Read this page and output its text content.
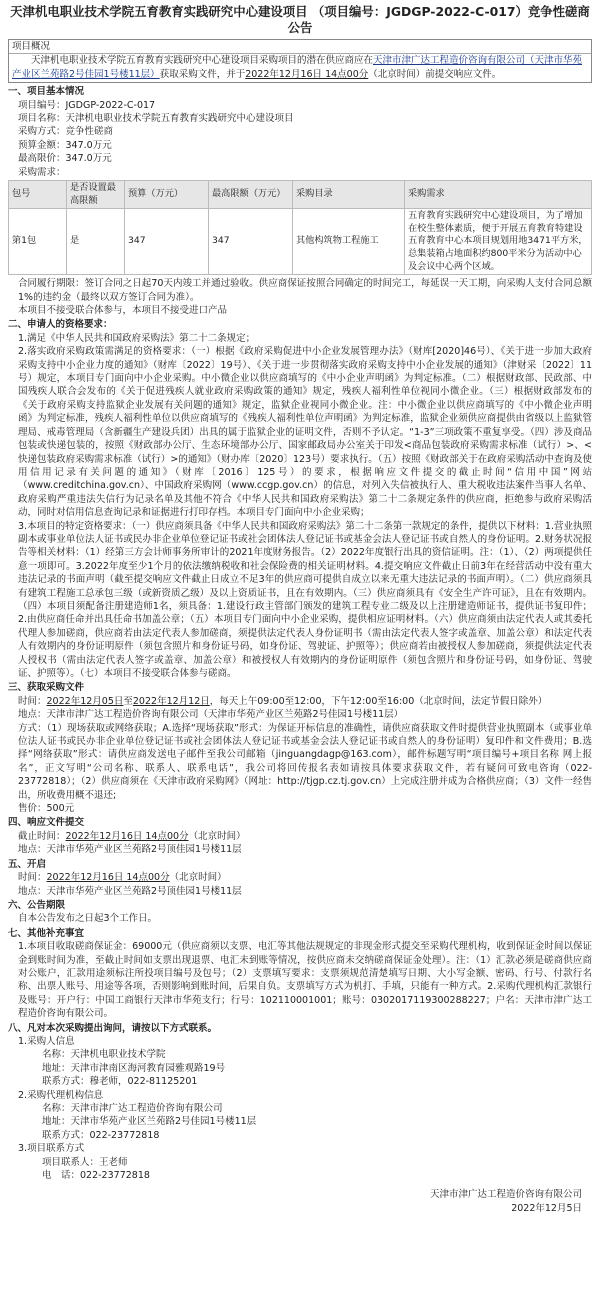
天津机电职业技术学院五育教育实践研究中心建设项目 （项目编号：JGDGP-2022-C-017）竞争性磋商公告
项目概况
天津机电职业技术学院五育教育实践研究中心建设项目采购项目的潜在供应商应在天津市津广达工程造价咨询有限公司（天津市华苑产业区兰苑路2号佳园1号楼11层）获取采购文件，并于2022年12月16日 14点00分（北京时间）前提交响应文件。
一、项目基本情况

项目编号：JGDGP-2022-C-017

项目名称：天津机电职业技术学院五育教育实践研究中心建设项目

采购方式：竞争性磋商

预算金额：347.0万元

最高限价：347.0万元

采购需求：

包号	是否设置最高限额	预算（万元）	最高限额（万元）	采购目录	采购需求
第1包	是	347	347	其他构筑物工程施工	五育教育实践研究中心建设项目，为了增加在校生整体素质，便于开展五育教育特建设五育教育中心本项目规划用地3471平方米，总集装箱占地面积约800平米分为活动中心及会议中心两个区域。

合同履行期限：签订合同之日起70天内竣工并通过验收。供应商保证按照合同确定的时间完工，每延误一天工期，向采购人支付合同总额1%的违约金（最终以双方签订合同为准）。

本项目不接受联合体参与，本项目不接受进口产品

二、申请人的资格要求：

1.满足《中华人民共和国政府采购法》第二十二条规定；

2.落实政府采购政策需满足的资格要求：（一）根据《政府采购促进中小企业发展管理办法》（财库[2020]46号）、《关于进一步加大政府采购支持中小企业力度的通知》（财库〔2022〕19号）、《关于进一步贯彻落实政府采购支持中小企业发展的通知》（津财采〔2022〕11号）规定，本项目专门面向中小企业采购。中小微企业以供应商填写的《中小企业声明函》为判定标准。（二）根据财政部、民政部、中国残疾人联合会发布的《关于促进残疾人就业政府采购政策的通知》规定，残疾人福利性单位视同小微企业。（三）根据财政部发布的《关于政府采购支持监狱企业发展有关问题的通知》规定，监狱企业视同小微企业。注：中小微企业以供应商填写的《中小微企业声明函》为判定标准，残疾人福利性单位以供应商填写的《残疾人福利性单位声明函》为判定标准，监狱企业须供应商提供由省级以上监狱管理局、戒毒管理局（含新疆生产建设兵团）出具的属于监狱企业的证明文件，否则不予认定。“1-3”三项政策不重复享受。（四）涉及商品包装或快递包装的，按照《财政部办公厅、生态环境部办公厅、国家邮政局办公室关于印发<商品包装政府采购需求标准（试行）>、<快递包装政府采购需求标准（试行）>的通知》（财办库〔2020〕123号）要求执行。（五）按照《财政部关于在政府采购活动中查询及使用信用记录有关问题的通知》（财库〔2016〕125号）的要求，根据响应文件提交的截止时间“信用中国”网站（www.creditchina.gov.cn）、中国政府采购网（www.ccgp.gov.cn）的信息，对列入失信被执行人、重大税收违法案件当事人名单、政府采购严重违法失信行为记录名单及其他不符合《中华人民共和国政府采购法》第二十二条规定条件的供应商，拒绝参与政府采购活动，同时对信用信息查询记录和证据进行打印存档。本项目专门面向中小企业采购；

3.本项目的特定资格要求：（一）供应商须具备《中华人民共和国政府采购法》第二十二条第一款规定的条件，提供以下材料：1.营业执照副本或事业单位法人证书或民办非企业单位登记证书或社会团体法人登记证书或基金会法人登记证书或自然人的身份证明。2.财务状况报告等相关材料：（1）经第三方会计师事务所审计的2021年度财务报告。（2）2022年度银行出具的资信证明。注：（1）、（2）两项提供任意一项即可。3.2022年度至少1个月的依法缴纳税收和社会保险费的相关证明材料。4.提交响应文件截止日前3年在经营活动中没有重大违法记录的书面声明（截至提交响应文件截止日成立不足3年的供应商可提供自成立以来无重大违法记录的书面声明）。（二）供应商须具有建筑工程施工总承包三级（或新资质乙级）及以上资质证书，且在有效期内。（三）供应商须具有《安全生产许可证》，且在有效期内。（四）本项目须配备注册建造师1名，须具备：1.建设行政主管部门颁发的建筑工程专业二级及以上注册建造师证书，提供证书复印件；2.由供应商任命并出具任命书加盖公章；（五）本项目专门面向中小企业采购，提供相应证明材料。（六）供应商须由法定代表人或其委托代理人参加磋商，供应商若由法定代表人参加磋商，须提供法定代表人身份证明书（需由法定代表人签字或盖章、加盖公章）和法定代表人有效期内的身份证明原件（须包含照片和身份证号码，如身份证、驾驶证、护照等）；供应商若由被授权人参加磋商，须提供法定代表人授权书（需由法定代表人签字或盖章、加盖公章）和被授权人有效期内的身份证明原件（须包含照片和身份证号码，如身份证、驾驶证、护照等）。（七）本项目不接受联合体参与磋商。

三、获取采购文件

时间：2022年12月05日至2022年12月12日，每天上午09:00至12:00，下午12:00至16:00（北京时间，法定节假日除外）

地点：天津市津广达工程造价咨询有限公司（天津市华苑产业区兰苑路2号佳园1号楼11层）

方式：（1）现场获取或网络获取；A.选择“现场获取”形式：为保证开标信息的准确性，请供应商获取文件时提供营业执照副本（或事业单位法人证书或民办非企业单位登记证书或社会团体法人登记证书或基金会法人登记证书或自然人的身份证明）复印件和文件费用；B.选择“网络获取”形式：请供应商发送电子邮件至我公司邮箱（jinguangdagp@163.com），邮件标题写明“项目编号+项目名称 网上报名”，正文写明“公司名称、联系人、联系电话”，我公司将回传报名表如请按具体要求获取文件，若有疑问可致电咨询（022-23772818）；（2）供应商须在《天津市政府采购网》（网址：http://tjgp.cz.tj.gov.cn）上完成注册并成为合格供应商；（3）文件一经售出，所收费用概不退还;

售价：500元

四、响应文件提交

截止时间：2022年12月16日 14点00分（北京时间）

地点：天津市华苑产业区兰苑路2号顶佳园1号楼11层

五、开启

时间：2022年12月16日 14点00分（北京时间）

地点：天津市华苑产业区兰苑路2号顶佳园1号楼11层

六、公告期限

自本公告发布之日起3个工作日。

七、其他补充事宜

1.本项目收取磋商保证金：69000元（供应商须以支票、电汇等其他法规规定的非现金形式提交至采购代理机构，收到保证金时间以保证金到账时间为准，至截止时间如支票出现退票、电汇未到账等情况，按供应商未交纳磋商保证金处理）。注：（1）汇款必须是磋商供应商对公账户，汇款用途须标注所投项目编号及包号；（2）支票填写要求：支票须规范清楚填写日期、大小写金额、密码、行号、付款行名称、出票人账号、用途等各项，否则影响到账时间，后果自负。支票填写方式为机打、手填，只能有一种方式。2.采购代理机构汇款银行及账号：开户行：中国工商银行天津市华苑支行；行号：102110001001；账号：0302017119300288227；户名：天津市津广达工程造价咨询有限公司。

八、凡对本次采购提出询问，请按以下方式联系。

1.采购人信息

名称：天津机电职业技术学院

地址：天津市津南区海河教育园雅观路19号

联系方式：穆老师，022-81125201

2.采购代理机构信息

名称：天津市津广达工程造价咨询有限公司

地址：天津市华苑产业区兰苑路2号佳园1号楼11层

联系方式：022-23772818

3.项目联系方式

项目联系人：王老师

电　话：022-23772818

天津市津广达工程造价咨询有限公司

2022年12月5日
